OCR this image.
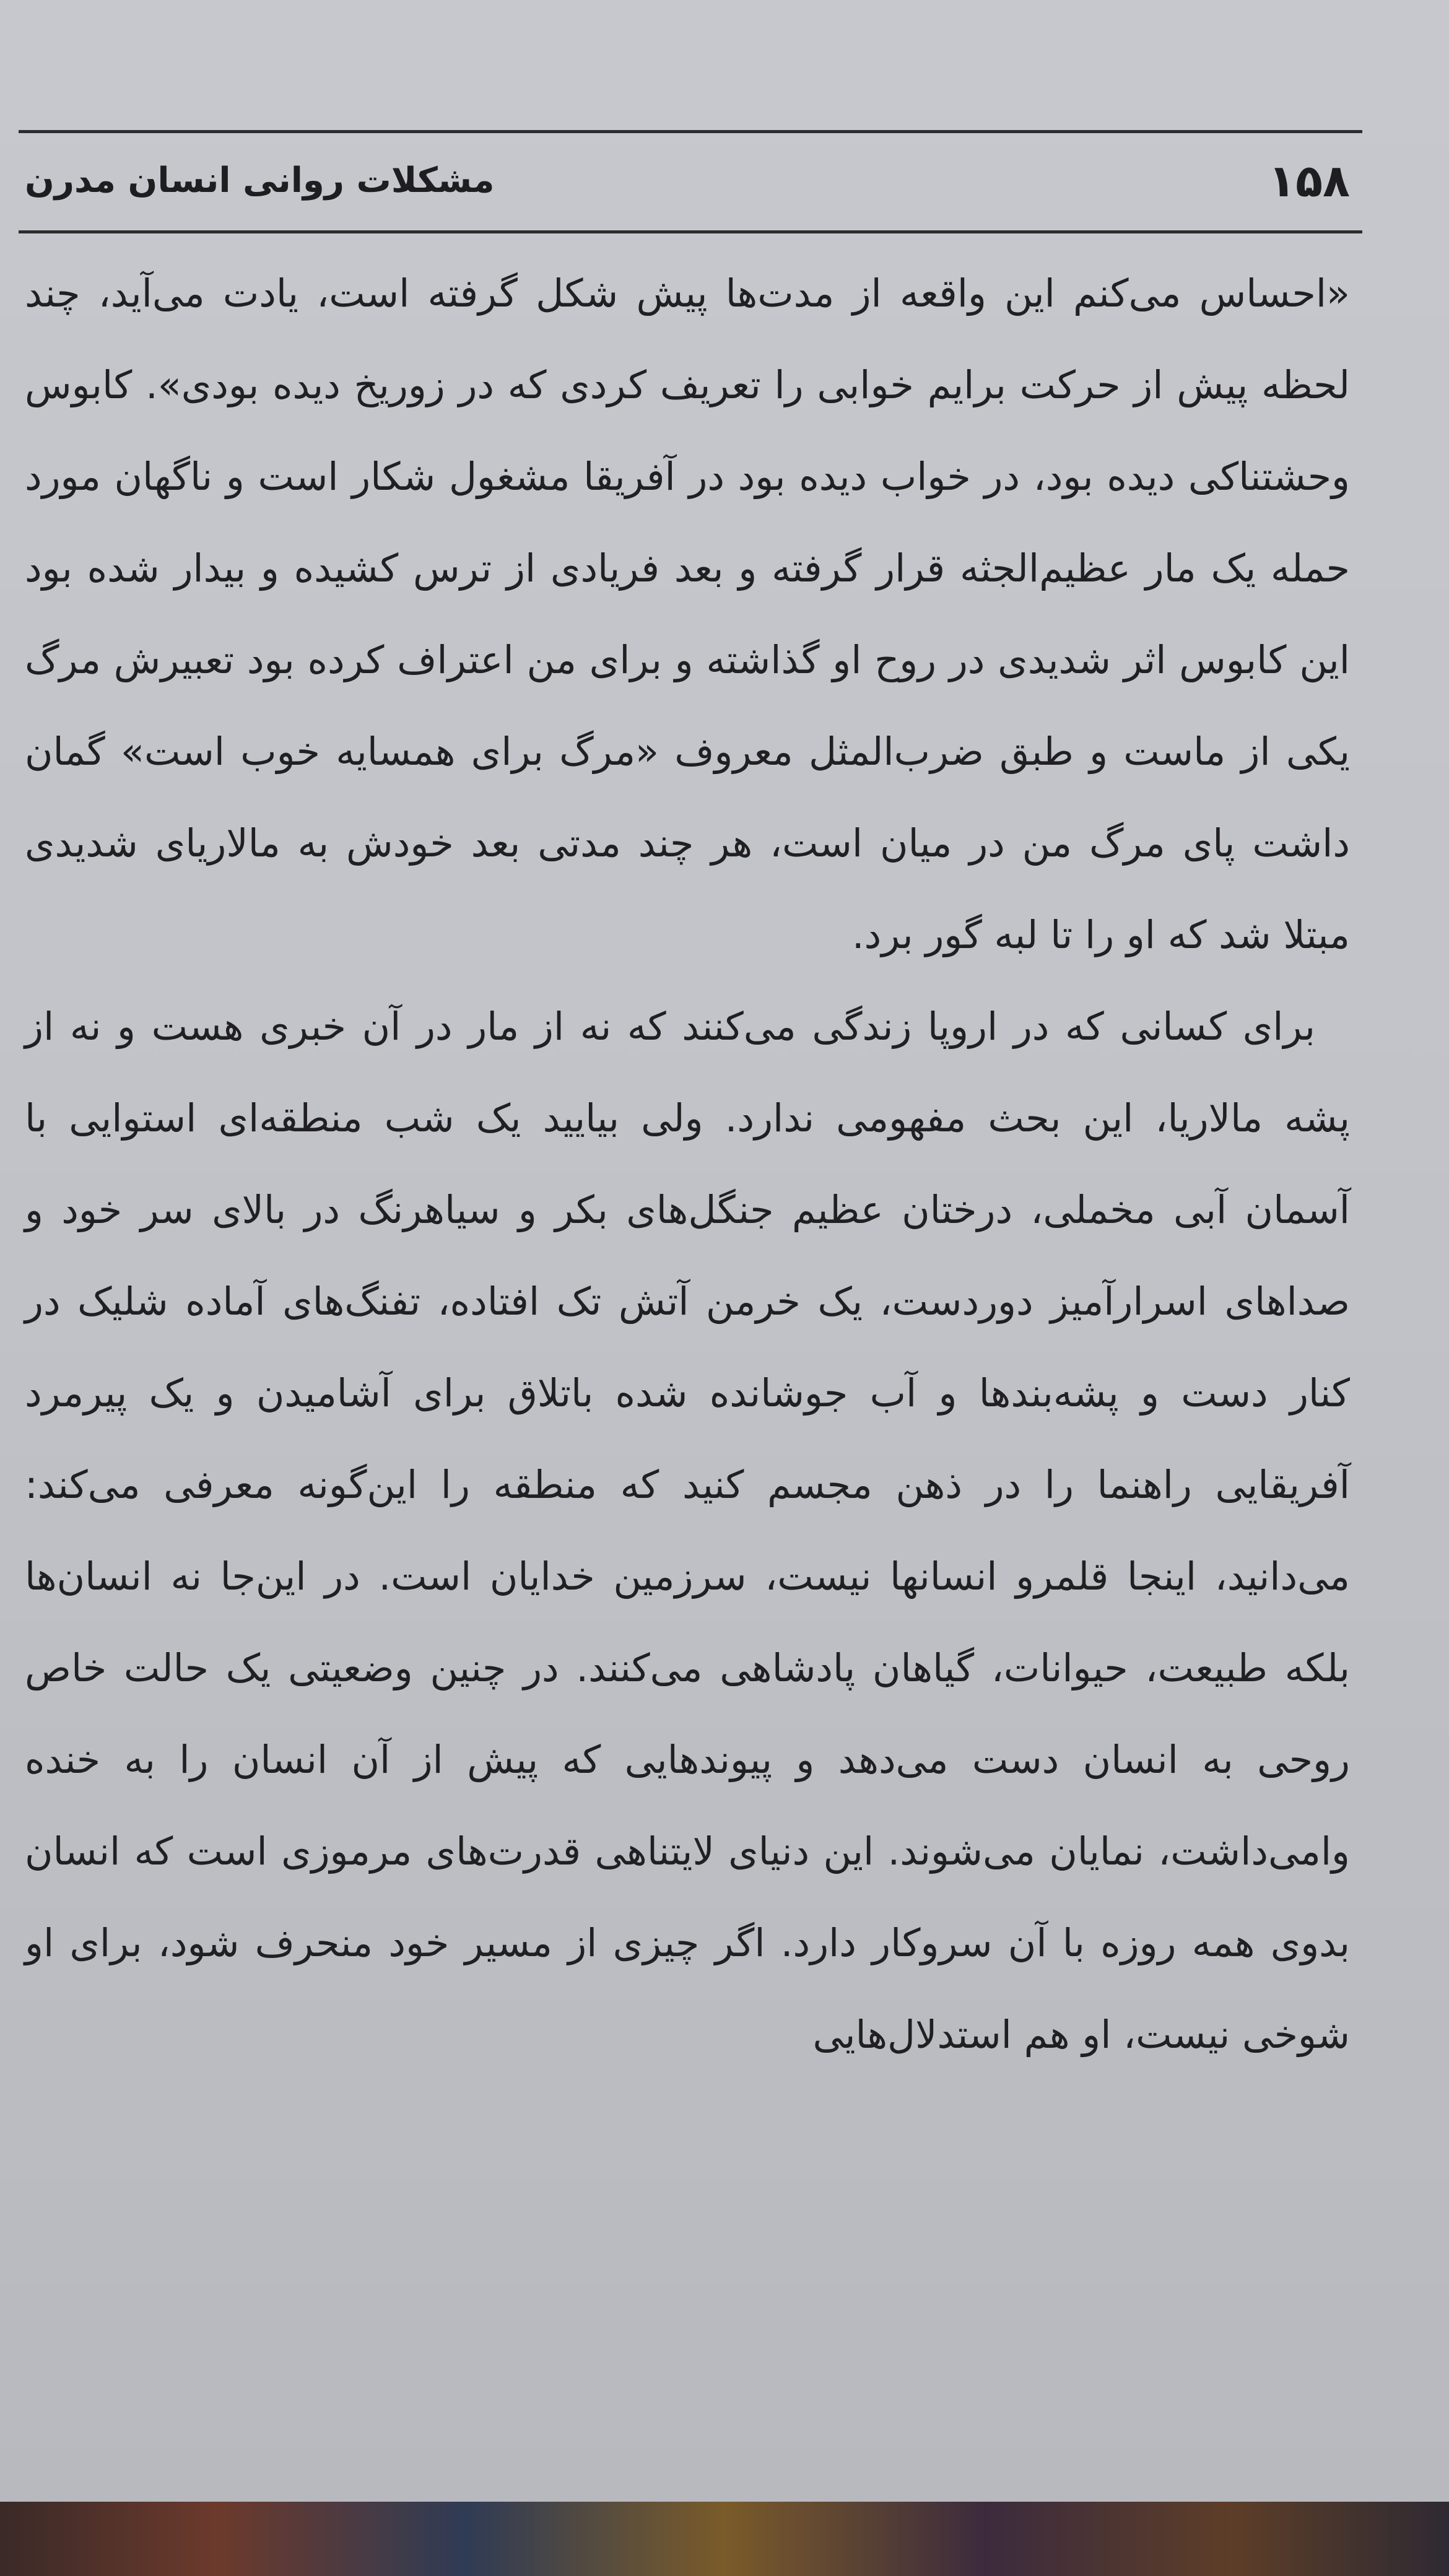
۱۵۸
مشکلات روانی انسان مدرن

«احساس می‌کنم این واقعه از مدت‌ها پیش شکل گرفته است، یادت می‌آید، چند لحظه پیش از حرکت برایم خوابی را تعریف کردی که در زوریخ دیده بودی». کابوس وحشتناکی دیده بود، در خواب دیده بود در آفریقا مشغول شکار است و ناگهان مورد حمله یک مار عظیم‌الجثه قرار گرفته و بعد فریادی از ترس کشیده و بیدار شده بود این کابوس اثر شدیدی در روح او گذاشته و برای من اعتراف کرده بود تعبیرش مرگ یکی از ماست و طبق ضرب‌المثل معروف «مرگ برای همسایه خوب است» گمان داشت پای مرگ من در میان است، هر چند مدتی بعد خودش به مالاریای شدیدی مبتلا شد که او را تا لبه گور برد.

برای کسانی که در اروپا زندگی می‌کنند که نه از مار در آن خبری هست و نه از پشه مالاریا، این بحث مفهومی ندارد. ولی بیایید یک شب منطقه‌ای استوایی با آسمان آبی مخملی، درختان عظیم جنگل‌های بکر و سیاهرنگ در بالای سر خود و صداهای اسرارآمیز دوردست، یک خرمن آتش تک افتاده، تفنگ‌های آماده شلیک در کنار دست و پشه‌بندها و آب جوشانده شده باتلاق برای آشامیدن و یک پیرمرد آفریقایی راهنما را در ذهن مجسم کنید که منطقه را این‌گونه معرفی می‌کند: می‌دانید، اینجا قلمرو انسانها نیست، سرزمین خدایان است. در این‌جا نه انسان‌ها بلکه طبیعت، حیوانات، گیاهان پادشاهی می‌کنند. در چنین وضعیتی یک حالت خاص روحی به انسان دست می‌دهد و پیوندهایی که پیش از آن انسان را به خنده وامی‌داشت، نمایان می‌شوند. این دنیای لایتناهی قدرت‌های مرموزی است که انسان بدوی همه روزه با آن سروکار دارد. اگر چیزی از مسیر خود منحرف شود، برای او شوخی نیست، او هم استدلال‌هایی
